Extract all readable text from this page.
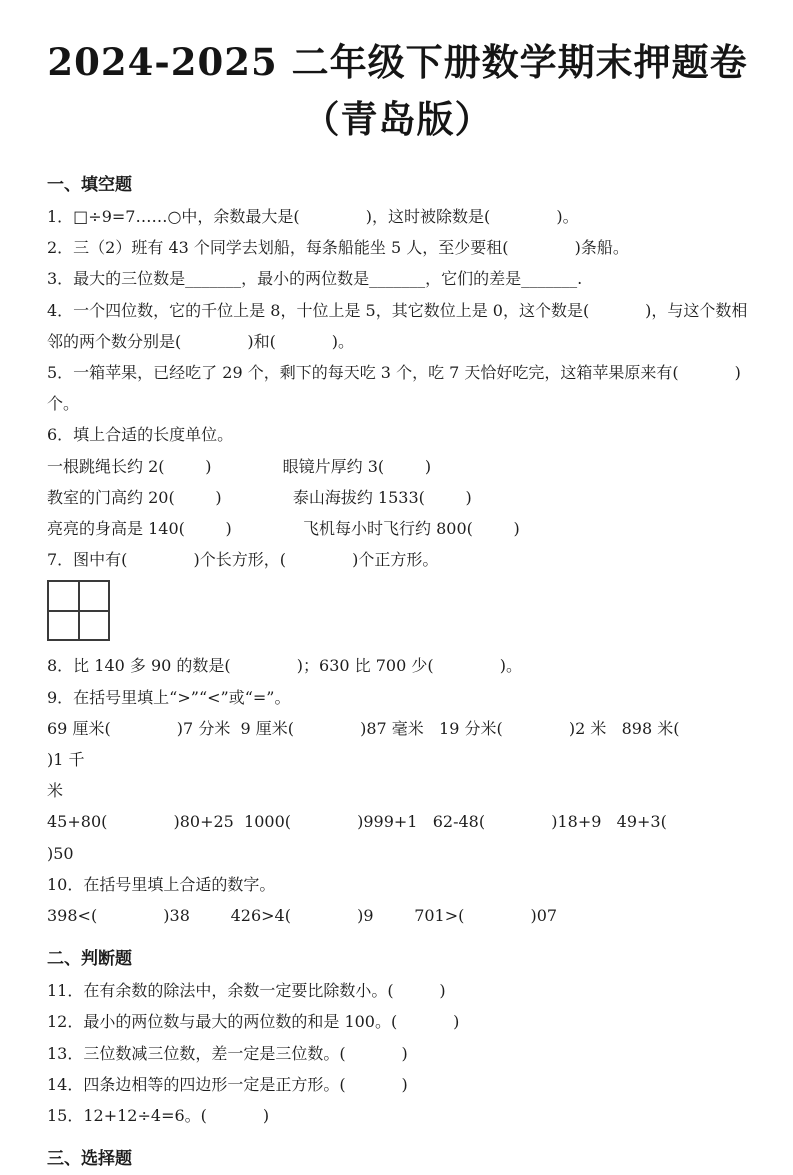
2024-2025 二年级下册数学期末押题卷
（青岛版）
一、填空题

1．□÷9=7……○中，余数最大是(             )，这时被除数是(             )。

2．三（2）班有 43 个同学去划船，每条船能坐 5 人，至少要租(             )条船。

3．最大的三位数是_______，最小的两位数是_______，它们的差是_______.

4．一个四位数，它的千位上是 8，十位上是 5，其它数位上是 0，这个数是(           )，与这个数相

邻的两个数分别是(             )和(           )。

5．一箱苹果，已经吃了 29 个，剩下的每天吃 3 个，吃 7 天恰好吃完，这箱苹果原来有(           )个。

6．填上合适的长度单位。

一根跳绳长约 2(        )              眼镜片厚约 3(        )

教室的门高约 20(        )              泰山海拔约 1533(        )

亮亮的身高是 140(        )              飞机每小时飞行约 800(        )

7．图中有(             )个长方形，(             )个正方形。

8．比 140 多 90 的数是(             )；630 比 700 少(             )。

9．在括号里填上“>”“<”或“=”。

69 厘米(             )7 分米  9 厘米(             )87 毫米   19 分米(             )2 米   898 米(           )1 千

米

45+80(             )80+25  1000(             )999+1   62-48(             )18+9   49+3(             )50

10．在括号里填上合适的数字。

398<(             )38        426>4(             )9        701>(             )07

二、判断题

11．在有余数的除法中，余数一定要比除数小。(         )

12．最小的两位数与最大的两位数的和是 100。(           )

13．三位数减三位数，差一定是三位数。(           )

14．四条边相等的四边形一定是正方形。(           )

15．12+12÷4=6。(           )

三、选择题
